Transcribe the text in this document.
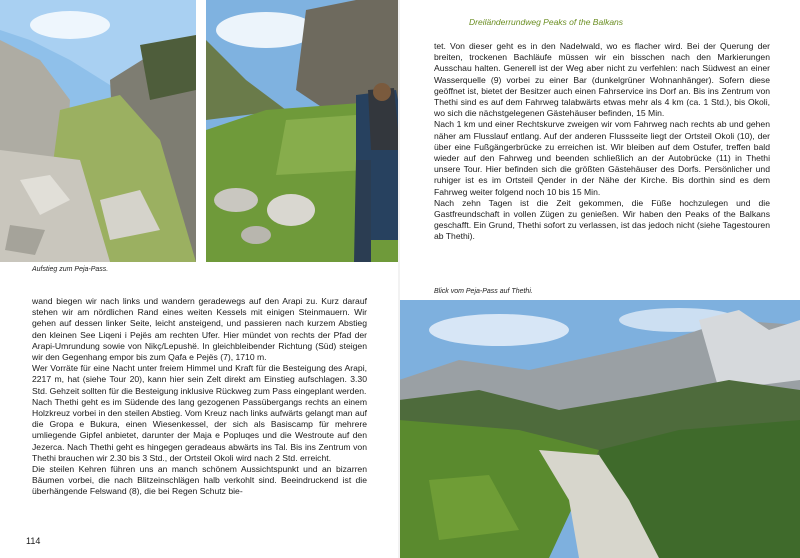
Aufstieg zum Peja-Pass.
Blick vom Peja-Pass auf Thethi.
Dreiländerrundweg Peaks of the Balkans

wand biegen wir nach links und wandern geradewegs auf den Arapi zu. Kurz darauf stehen wir am nördlichen Rand eines weiten Kessels mit einigen Steinmauern. Wir gehen auf dessen linker Seite, leicht ansteigend, und passieren nach kurzem Abstieg den kleinen See Liqeni i Pejës am rechten Ufer. Hier mündet von rechts der Pfad der Arapi-Umrundung sowie von Nikç/Lepushë. In gleichbleibender Richtung (Süd) steigen wir den Gegenhang empor bis zum Qafa e Pejës (7), 1710 m.

Wer Vorräte für eine Nacht unter freiem Himmel und Kraft für die Besteigung des Arapi, 2217 m, hat (siehe Tour 20), kann hier sein Zelt direkt am Einstieg aufschlagen. 3.30 Std. Gehzeit sollten für die Besteigung inklusive Rückweg zum Pass eingeplant werden.

Nach Thethi geht es im Südende des lang gezogenen Passübergangs rechts an einem Holzkreuz vorbei in den steilen Abstieg. Vom Kreuz nach links aufwärts gelangt man auf die Gropa e Bukura, einen Wiesenkessel, der sich als Basiscamp für mehrere umliegende Gipfel anbietet, darunter der Maja e Popluqes und die Westroute auf den Jezerca. Nach Thethi geht es hingegen geradeaus abwärts ins Tal. Bis ins Zentrum von Thethi brauchen wir 2.30 bis 3 Std., der Ortsteil Okoli wird nach 2 Std. erreicht.

Die steilen Kehren führen uns an manch schönem Aussichtspunkt und an bizarren Bäumen vorbei, die nach Blitzeinschlägen halb verkohlt sind. Beeindruckend ist die überhängende Felswand (8), die bei Regen Schutz bie-

tet. Von dieser geht es in den Nadelwald, wo es flacher wird. Bei der Querung der breiten, trockenen Bachläufe müssen wir ein bisschen nach den Markierungen Ausschau halten. Generell ist der Weg aber nicht zu verfehlen: nach Südwest an einer Wasserquelle (9) vorbei zu einer Bar (dunkelgrüner Wohnanhänger). Sofern diese geöffnet ist, bietet der Besitzer auch einen Fahrservice ins Dorf an. Bis ins Zentrum von Thethi sind es auf dem Fahrweg talabwärts etwas mehr als 4 km (ca. 1 Std.), bis Okoli, wo sich die nächstgelegenen Gästehäuser befinden, 15 Min.

Nach 1 km und einer Rechtskurve zweigen wir vom Fahrweg nach rechts ab und gehen näher am Flusslauf entlang. Auf der anderen Flussseite liegt der Ortsteil Okoli (10), der über eine Fußgängerbrücke zu erreichen ist. Wir bleiben auf dem Ostufer, treffen bald wieder auf den Fahrweg und beenden schließlich an der Autobrücke (11) in Thethi unsere Tour. Hier befinden sich die größten Gästehäuser des Dorfs. Persönlicher und ruhiger ist es im Ortsteil Qender in der Nähe der Kirche. Bis dorthin sind es dem Fahrweg weiter folgend noch 10 bis 15 Min.

Nach zehn Tagen ist die Zeit gekommen, die Füße hochzulegen und die Gastfreundschaft in vollen Zügen zu genießen. Wir haben den Peaks of the Balkans geschafft. Ein Grund, Thethi sofort zu verlassen, ist das jedoch nicht (siehe Tagestouren ab Thethi).

114
